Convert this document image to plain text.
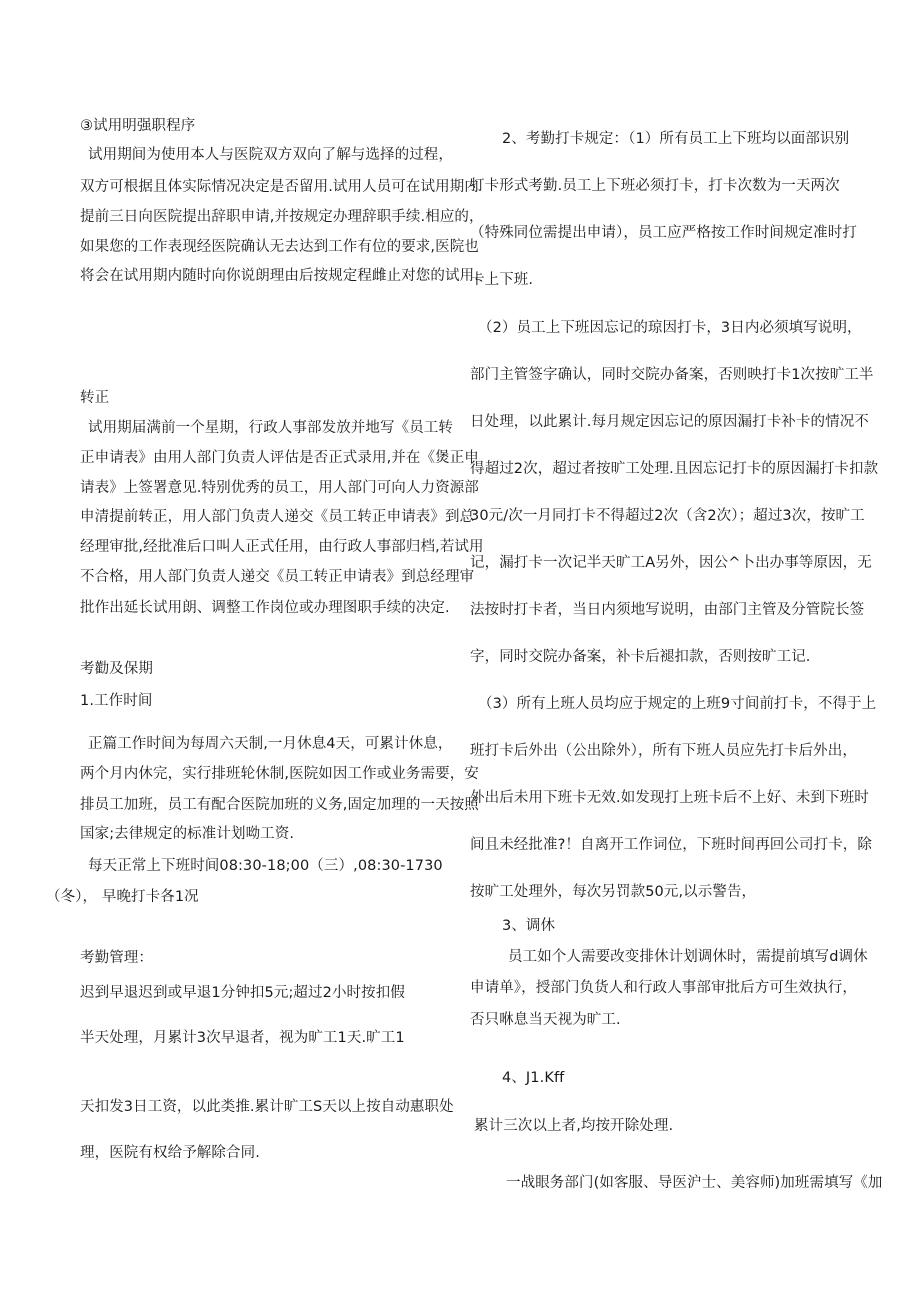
③试用明强职程序
试用期间为使用本人与医院双方双向了解与选择的过程，
双方可根据且体实际情况决定是否留用.试用人员可在试用期内
提前三日向医院提出辞职申请,并按规定办理辞职手续.相应的，
如果您的工作表现经医院确认无去达到工作有位的要求,医院也
将会在试用期内随时向你说朗理由后按规定程雌止对您的试用.
转正
试用期届满前一个星期，行政人事部发放并地写《员工转
正申请表》由用人部门负责人评估是否正式录用,并在《煲正申
请表》上签署意见.特别优秀的员工，用人部门可向人力资源部
申清提前转正，用人部门负责人递交《员工转正申请表》到总
经理审批,经批准后口叫人正式任用，由行政人事部归档,若试用
不合格，用人部门负责人递交《员工转正申请表》到总经理审
批作出延长试用朗、调整工作岗位或办理图职手续的决定.
考勸及保期
1.工作时间
正篇工作时间为每周六天制,一月休息4天，可累计休息，
两个月内休完，实行排班轮休制,医院如因工作或业务需要，安
排员工加班，员工有配合医院加班的义务,固定加理的一天按照
国家;去律规定的标准计划呦工资.
每天正常上下班时间08:30-18;00（三）,08:30-1730
（冬）， 早晚打卡各1况
考勤管理：
迟到早退迟到或早退1分钟扣5元;超过2小时按扣假
半天处理，月累计3次早退者，视为旷工1天.旷工1
天扣发3日工资，以此类推.累计旷工S天以上按自动惠职处
理，医院有权给予解除合同.
2、考勤打卡规定：（1）所有员工上下班均以面部识别
打卡形式考勤.员工上下班必须打卡，打卡次数为一天两次
（特殊同位需提出申请），员工应严格按工作时间规定准时打
卡上下班.
（2）员工上下班因忘记的琼因打卡，3日内必须填写说明，
部门主管签字确认，同时交院办备案，否则映打卡1次按旷工半
日处理，以此累计.每月规定因忘记的原因漏打卡补卡的情况不
得超过2次，超过者按旷工处理.且因忘记打卡的原因漏打卡扣款
30元/次一月同打卡不得超过2次（含2次）；超过3次，按旷工
记，漏打卡一次记半天旷工A另外，因公^卜出办事等原因，无
法按时打卡者，当日内须地写说明，由部门主管及分管院长签
字，同时交院办备案，补卡后褪扣款，否则按旷工记.
（3）所有上班人员均应于规定的上班9寸间前打卡，不得于上
班打卡后外出（公出除外），所有下班人员应先打卡后外出，
外出后未用下班卡无效.如发现打上班卡后不上好、未到下班时
间且未经批准?！自离开工作词位，下班时间再回公司打卡，除
按旷工处理外，每次另罚款50元,以示警告，
3、调休
员工如个人需要改变排休计划调休时，需提前填写d调休
申请单》，授部门负货人和行政人事部审批后方可生效执行，
否只咻息当天视为旷工.
4、J1.Kff
累计三次以上者,均按开除处理.
一战眼务部门(如客服、导医沪士、美容师)加班需填写《加
